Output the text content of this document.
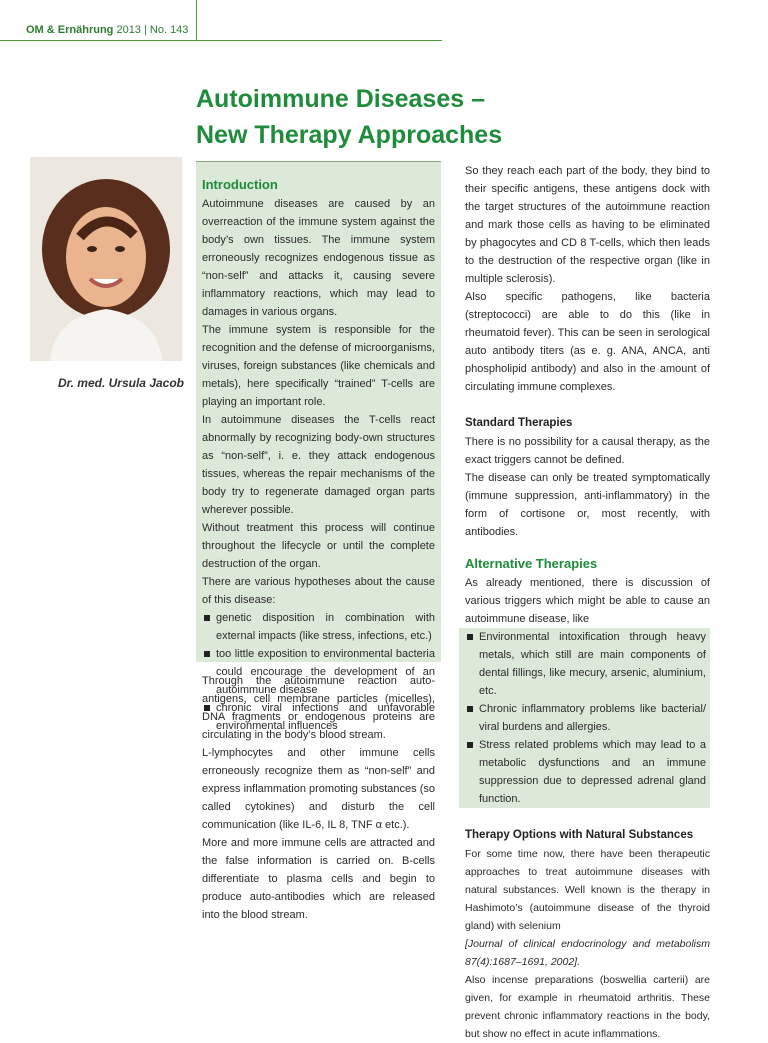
OM & Ernährung 2013 | No. 143
Autoimmune Diseases –
New Therapy Approaches
Dr. med. Ursula Jacob
Introduction

Autoimmune diseases are caused by an overreaction of the immune system against the body’s own tissues. The immune system erroneously recognizes endogenous tissue as “non-self” and attacks it, causing severe inflammatory reactions, which may lead to damages in various organs.

The immune system is responsible for the recognition and the defense of microorganisms, viruses, foreign substances (like chemicals and metals), here specifically “trained” T-cells are playing an important role.

In autoimmune diseases the T-cells react abnormally by recognizing body-own structures as “non-self”, i. e. they attack endogenous tissues, whereas the repair mechanisms of the body try to regenerate damaged organ parts wherever possible.

Without treatment this process will continue throughout the lifecycle or until the complete destruction of the organ.

There are various hypotheses about the cause of this disease:

genetic disposition in combination with external impacts (like stress, infections, etc.)
too little exposition to environmental bacteria could encourage the development of an autoimmune disease
chronic viral infections and unfavorable environmental influences

Through the autoimmune reaction auto-antigens, cell membrane particles (micelles), DNA fragments or endogenous proteins are circulating in the body’s blood stream.

L-lymphocytes and other immune cells erroneously recognize them as “non-self” and express inflammation promoting substances (so called cytokines) and disturb the cell communication (like IL-6, IL 8, TNF α etc.).

More and more immune cells are attracted and the false information is carried on. B-cells differentiate to plasma cells and begin to produce auto-antibodies which are released into the blood stream.

So they reach each part of the body, they bind to their specific antigens, these antigens dock with the target structures of the autoimmune reaction and mark those cells as having to be eliminated by phagocytes and CD 8 T-cells, which then leads to the destruction of the respective organ (like in multiple sclerosis).

Also specific pathogens, like bacteria (streptococci) are able to do this (like in rheumatoid fever). This can be seen in serological auto antibody titers (as e. g. ANA, ANCA, anti phospholipid antibody) and also in the amount of circulating immune complexes.

Standard Therapies

There is no possibility for a causal therapy, as the exact triggers cannot be defined.

The disease can only be treated symptomatically (immune suppression, anti-inflammatory) in the form of cortisone or, most recently, with antibodies.

Alternative Therapies

As already mentioned, there is discussion of various triggers which might be able to cause an autoimmune disease, like

Environmental intoxification through heavy metals, which still are main components of dental fillings, like mecury, arsenic, aluminium, etc.
Chronic inflammatory problems like bacterial/ viral burdens and allergies.
Stress related problems which may lead to a metabolic dysfunctions and an immune suppression due to depressed adrenal gland function.
Therapy Options with Natural Substances

For some time now, there have been therapeutic approaches to treat autoimmune diseases with natural substances. Well known is the therapy in Hashimoto’s (autoimmune disease of the thyroid gland) with selenium

[Journal of clinical endocrinology and metabolism 87(4):1687–1691, 2002].

Also incense preparations (boswellia carterii) are given, for example in rheumatoid arthritis. These prevent chronic inflammatory reactions in the body, but show no effect in acute inflammations.
